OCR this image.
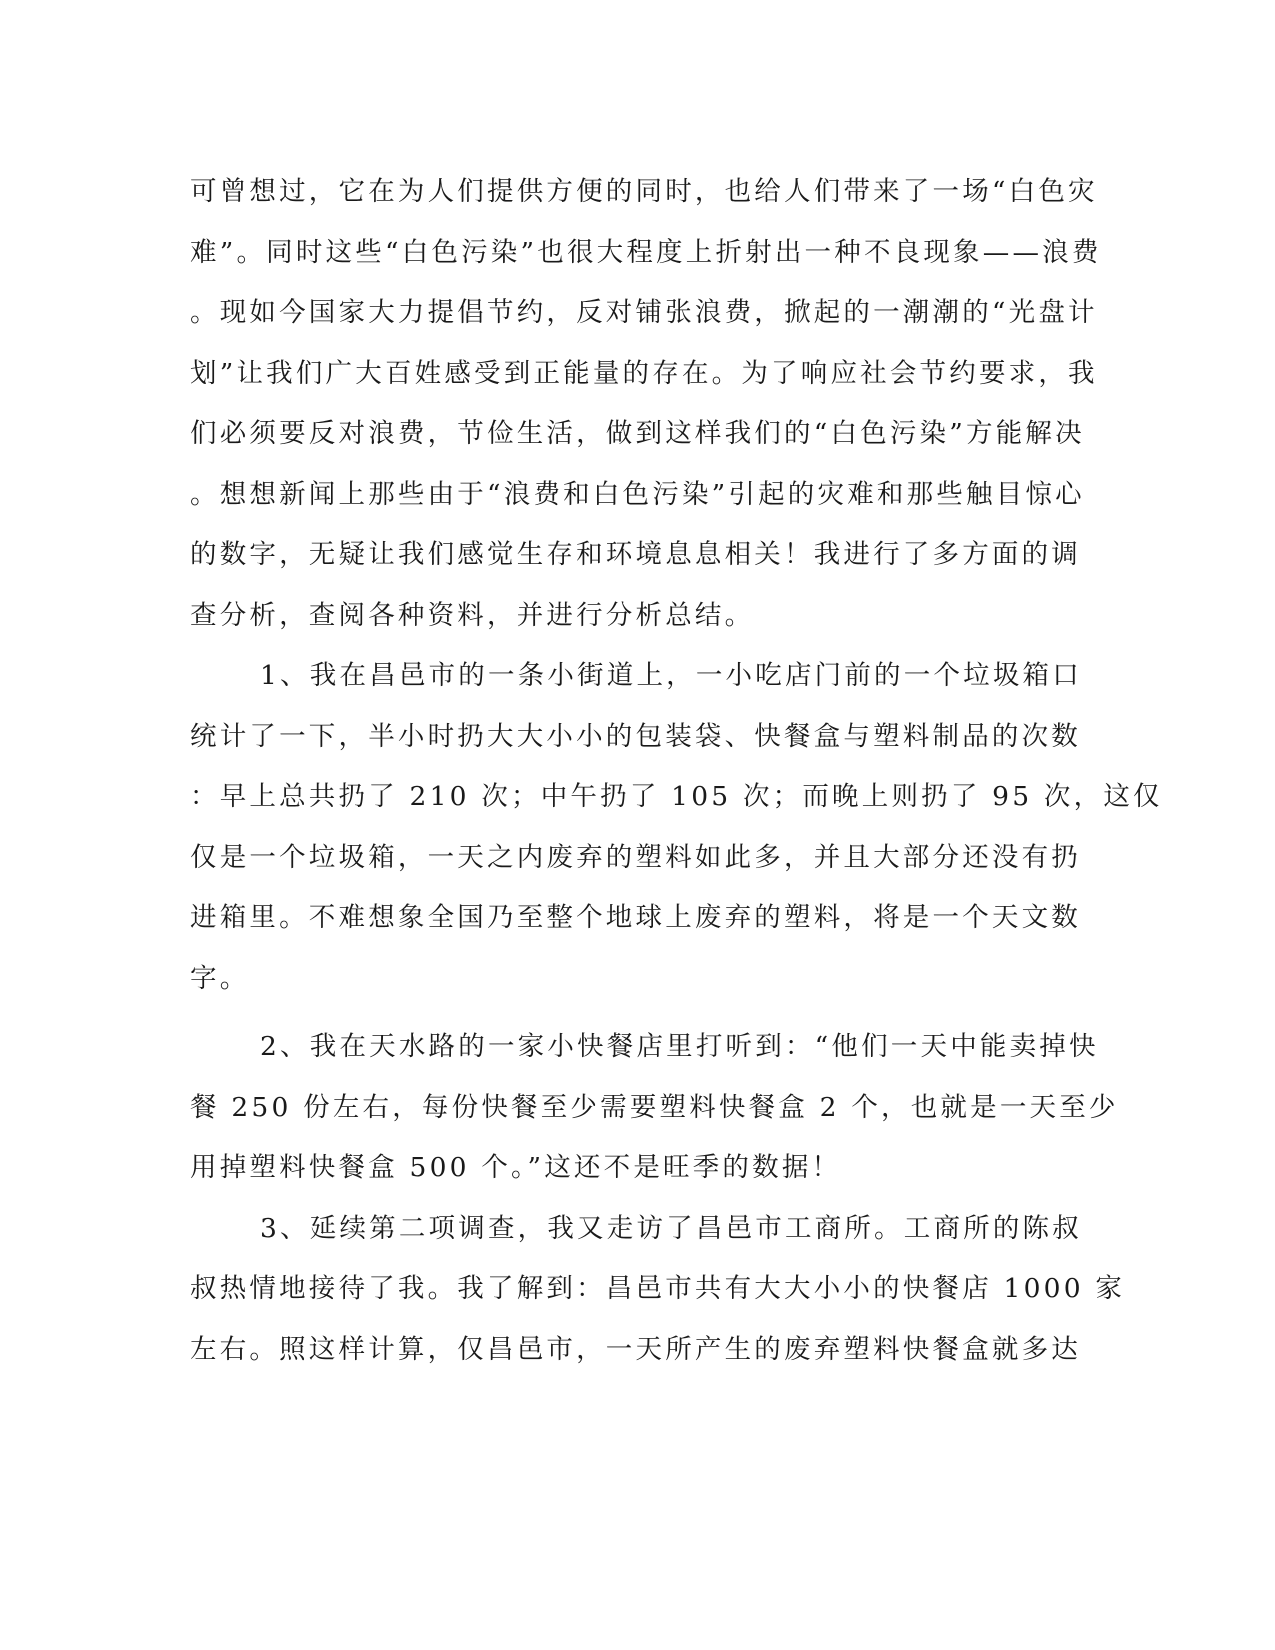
可曾想过，它在为人们提供方便的同时，也给人们带来了一场“白色灾
难”。同时这些“白色污染”也很大程度上折射出一种不良现象——浪费
。现如今国家大力提倡节约，反对铺张浪费，掀起的一潮潮的“光盘计
划”让我们广大百姓感受到正能量的存在。为了响应社会节约要求，我
们必须要反对浪费，节俭生活，做到这样我们的“白色污染”方能解决
。想想新闻上那些由于“浪费和白色污染”引起的灾难和那些触目惊心
的数字，无疑让我们感觉生存和环境息息相关！我进行了多方面的调
查分析，查阅各种资料，并进行分析总结。
1、我在昌邑市的一条小街道上，一小吃店门前的一个垃圾箱口
统计了一下，半小时扔大大小小的包装袋、快餐盒与塑料制品的次数
：早上总共扔了 210 次；中午扔了 105 次；而晚上则扔了 95 次，这仅
仅是一个垃圾箱，一天之内废弃的塑料如此多，并且大部分还没有扔
进箱里。不难想象全国乃至整个地球上废弃的塑料，将是一个天文数
字。
2、我在天水路的一家小快餐店里打听到：“他们一天中能卖掉快
餐 250 份左右，每份快餐至少需要塑料快餐盒 2 个，也就是一天至少
用掉塑料快餐盒 500 个。”这还不是旺季的数据！
3、延续第二项调查，我又走访了昌邑市工商所。工商所的陈叔
叔热情地接待了我。我了解到：昌邑市共有大大小小的快餐店 1000 家
左右。照这样计算，仅昌邑市，一天所产生的废弃塑料快餐盒就多达
